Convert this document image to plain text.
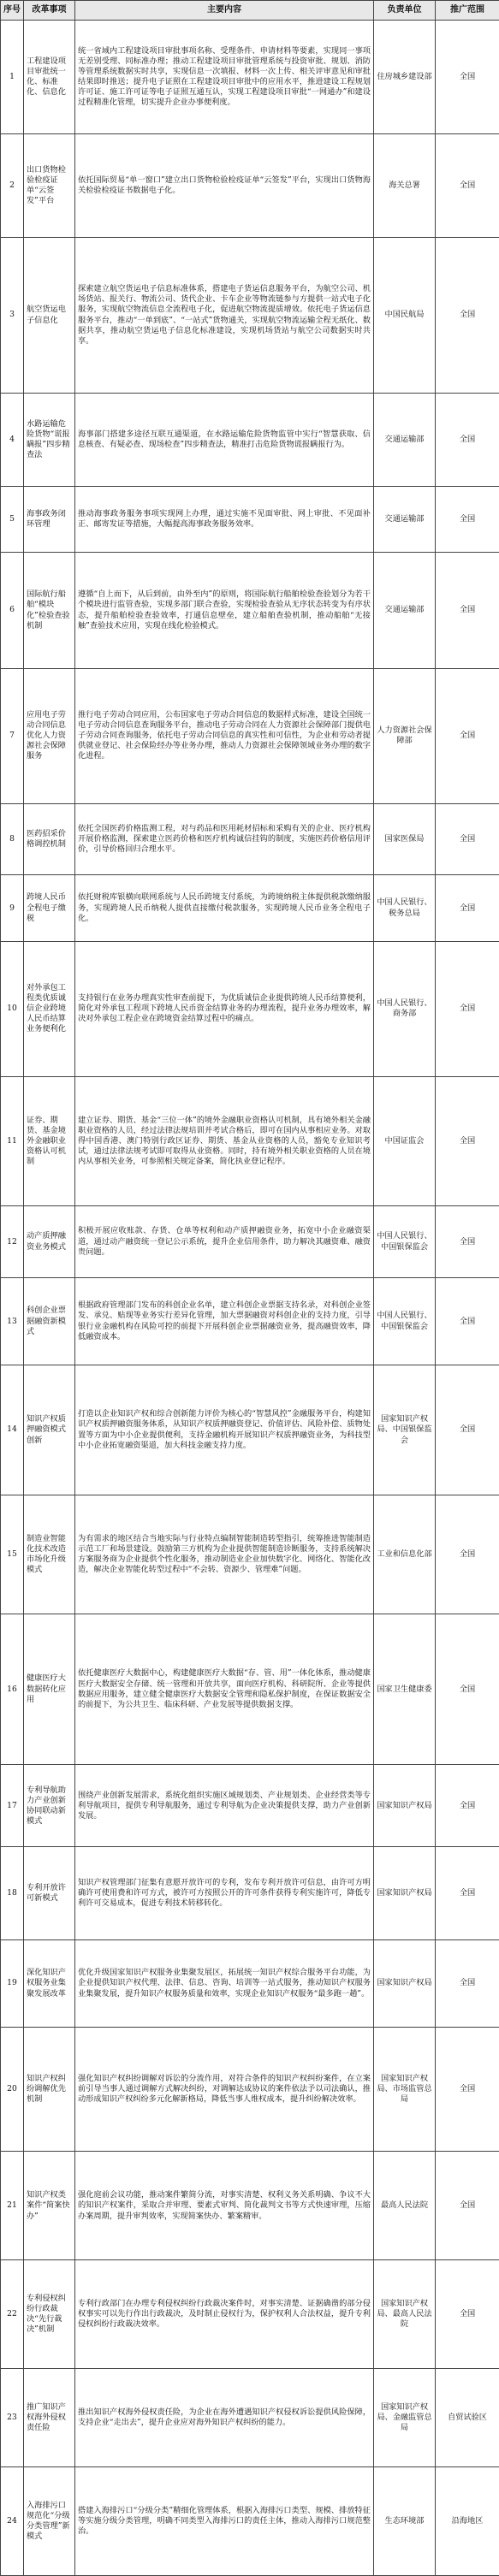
序号	改革事项	主要内容	负责单位	推广范围
1	工程建设项目审批统一化、标准化、信息化	统一省域内工程建设项目审批事项名称、受理条件、申请材料等要素，实现同一事项无差别受理、同标准办理；推动工程建设项目审批管理系统与投资审批、规划、消防等管理系统数据实时共享，实现信息一次填报、材料一次上传、相关评审意见和审批结果即时推送；提升电子证照在工程建设项目审批中的应用水平，推进建设工程规划许可证、施工许可证等电子证照互通互认，实现工程建设项目审批“一网通办”和建设过程精准化管理，切实提升企业办事便利度。	住房城乡建设部	全国
2	出口货物检验检疫证单“云签发”平台	依托国际贸易“单一窗口”建立出口货物检验检疫证单“云签发”平台，实现出口货物海关检验检疫证书数据电子化。	海关总署	全国
3	航空货运电子信息化	探索建立航空货运电子信息标准体系，搭建电子货运信息服务平台，为航空公司、机场货站、报关行、物流公司、货代企业、卡车企业等物流链参与方提供一站式电子化服务，实现航空物流信息全流程电子化，促进航空物流提质增效。依托电子货运信息服务平台，推动“一单到底”、“一站式”货物通关，实现航空物流运输全程无纸化、数据共享，推动航空货运电子信息化标准建设，实现机场货站与航空公司数据实时共享。	中国民航局	全国
4	水路运输危险货物“谎报瞒报”四步精查法	海事部门搭建多途径互联互通渠道，在水路运输危险货物监管中实行“智慧获取、信息核查、有疑必查、现场检查”四步精查法，精准打击危险货物谎报瞒报行为。	交通运输部	全国
5	海事政务闭环管理	推动海事政务服务事项实现网上办理，通过实施不见面审批、网上审批、不见面补正、邮寄发证等措施，大幅提高海事政务服务效率。	交通运输部	全国
6	国际航行船舶“模块化”检验查验机制	遵循“自上而下，从后到前，由外至内”的原则，将国际航行船舶检验查验划分为若干个模块进行监管查验，实现多部门联合查验，实现检验查验从无序状态转变为有序状态，提升船舶检验查验效率，打通信息壁垒，建立船舶查验机制，推动船舶“无接触”查验技术应用，实现在线化检验模式。	交通运输部	全国
7	应用电子劳动合同信息优化人力资源社会保障服务	推行电子劳动合同应用，公布国家电子劳动合同信息的数据样式标准，建设全国统一电子劳动合同信息查询服务平台，推动电子劳动合同在人力资源社会保障部门提供电子劳动合同查询服务，依托电子劳动合同信息的真实性和可信性，为企业和劳动者提供就业登记、社会保险经办等业务办理，推动人力资源社会保障领域业务办理的数字化进程。	人力资源社会保障部	全国
8	医药招采价格调控机制	依托全国医药价格监测工程，对与药品和医用耗材招标和采购有关的企业、医疗机构开展价格监测，探索建立医药价格和医疗机构诚信挂钩的制度，实施医药价格信用评价，引导价格回归合理水平。	国家医保局	全国
9	跨境人民币全程电子缴税	依托财税库银横向联网系统与人民币跨境支付系统，为跨境纳税主体提供税款缴纳服务，实现跨境人民币纳税人提供直接缴付税款服务，实现跨境人民币业务全程电子化。	中国人民银行、税务总局	全国
10	对外承包工程类优质诚信企业跨境人民币结算业务便利化	支持银行在业务办理真实性审查前提下，为优质诚信企业提供跨境人民币结算便利，简化对外承包工程项下跨境人民币资金结算业务的办理流程，提升业务办理效率，解决对外承包工程企业在跨境资金结算过程中的痛点。	中国人民银行、商务部	全国
11	证券、期货、基金境外金融职业资格认可机制	建立证券、期货、基金“三位一体”的境外金融职业资格认可机制，具有境外相关金融职业资格的人员，经过法律法规培训并考试合格后，即可在国内从事相应业务。对取得中国香港、澳门特别行政区证券、期货、基金从业资格的人员，豁免专业知识考试，通过法律法规考试即可取得从业资格。同时，持有境外相关职业资格的人员在境内从事相关业务，可参照相关规定备案，简化执业登记程序。	中国证监会	全国
12	动产质押融资业务模式	积极开展应收账款、存货、仓单等权利和动产质押融资业务，拓宽中小企业融资渠道，通过动产融资统一登记公示系统，提升企业信用条件，助力解决其融资难、融资贵问题。	中国人民银行、中国银保监会	全国
13	科创企业票据融资新模式	根据政府管理部门发布的科创企业名单，建立科创企业票据支持名录，对科创企业签发、承兑、贴现等业务实行差异化管理，加大票据融资对科创企业的支持力度，引导银行业金融机构在风险可控的前提下开展科创企业票据融资业务，提高融资效率，降低融资成本。	中国人民银行、中国银保监会	全国
14	知识产权质押融资模式创新	打造以企业知识产权和综合创新能力评价为核心的“智慧风控”金融服务平台，构建知识产权质押融资服务体系，从知识产权质押融资登记、价值评估、风险补偿、质物处置等方面为中小企业提供便利，支持金融机构开展知识产权质押融资业务，为科技型中小企业拓宽融资渠道，加大科技金融支持力度。	国家知识产权局、中国银保监会	全国
15	制造业智能化技术改造市场化升级模式	为有需求的地区结合当地实际与行业特点编制智能制造转型指引，统筹推进智能制造示范工厂和场景建设。鼓励第三方机构为企业提供智能制造诊断服务，支持系统解决方案服务商为企业提供个性化服务，推动制造业企业加快数字化、网络化、智能化改造，解决企业智能化转型过程中“不会转、资源少、管理难”问题。	工业和信息化部	全国
16	健康医疗大数据转化应用	依托健康医疗大数据中心，构建健康医疗大数据“存、管、用”一体化体系，推动健康医疗大数据安全存储、统一管理和开放共享，面向医疗机构、科研院所、企业等提供数据应用服务，建立健全健康医疗大数据安全管理和隐私保护制度，在保证数据安全的前提下，为公共卫生、临床科研、产业发展等提供数据支撑。	国家卫生健康委	全国
17	专利导航助力产业创新协同联动新模式	围绕产业创新发展需求，系统化组织实施区域规划类、产业规划类、企业经营类等专利导航项目，提供专利导航服务，通过专利导航为企业决策提供支撑，助力产业创新发展。	国家知识产权局	全国
18	专利开放许可新模式	知识产权管理部门征集有意愿开放许可的专利，发布专利开放许可信息，由许可方明确许可使用费和许可方式，被许可方按照公开的许可条件获得专利实施许可，降低专利许可交易成本，促进专利技术转移转化。	国家知识产权局	全国
19	深化知识产权服务业集聚发展改革	优化升级国家知识产权服务业集聚发展区，拓展统一知识产权综合服务平台功能，为企业提供知识产权代理、法律、信息、咨询、培训等一站式服务，推动知识产权服务业集聚发展，提升知识产权服务质量和效率，实现企业知识产权服务“最多跑一趟”。	国家知识产权局	全国
20	知识产权纠纷调解优先机制	强化知识产权纠纷调解对诉讼的分流作用，对符合条件的知识产权纠纷案件，在立案前引导当事人通过调解方式解决纠纷，对调解达成协议的案件依法予以司法确认，推动形成知识产权纠纷多元化解新格局，降低当事人维权成本，提升纠纷解决效率。	国家知识产权局、市场监管总局	全国
21	知识产权类案件“简案快办”	强化庭前会议功能，推动案件繁简分流，对事实清楚、权利义务关系明确、争议不大的知识产权案件，采取合并审理、要素式审判、简化裁判文书等方式快速审理，压缩办案周期，提升审判效率，实现简案快办、繁案精审。	最高人民法院	全国
22	专利侵权纠纷行政裁决“先行裁决”机制	专利行政部门在办理专利侵权纠纷行政裁决案件时，对事实清楚、证据确凿的部分侵权事实可以先行作出行政裁决，及时制止侵权行为，保护权利人合法权益，提升专利侵权纠纷行政裁决效率。	国家知识产权局、最高人民法院	全国
23	推广知识产权海外侵权责任险	推出知识产权海外侵权责任险，为企业在海外遭遇知识产权侵权诉讼提供风险保障，支持企业“走出去”，提升企业应对海外知识产权纠纷的能力。	国家知识产权局、金融监管总局	自贸试验区
24	入海排污口规范化“分级分类管理”新模式	搭建入海排污口“分级分类”精细化管理体系，根据入海排污口类型、规模、排放特征等实施分级分类管理，明确不同类型入海排污口的责任主体，推动入海排污口规范整治。	生态环境部	沿海地区
